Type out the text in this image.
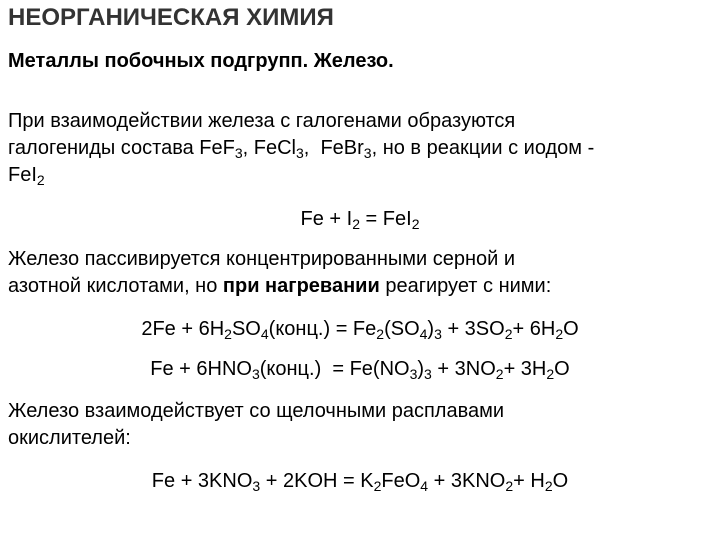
НЕОРГАНИЧЕСКАЯ ХИМИЯ
Металлы побочных подгрупп. Железо.
При взаимодействии железа с галогенами образуются
галогениды состава FeF$_3$, FeCl$_3$,  FeBr$_3$, но в реакции с иодом -
FeI$_2$
$Fe + I_2 = FeI_2$
Железо пассивируется концентрированными серной и
азотной кислотами, но при нагревании реагирует с ними:
$2Fe + 6H_2SO_4(конц.) = Fe_2(SO_4)_3 + 3SO_2+ 6H_2O$
$Fe + 6HNO_3(конц.) = Fe(NO_3)_3 + 3NO_2+ 3H_2O$
Железо взаимодействует со щелочными расплавами
окислителей:
$Fe + 3KNO_3 + 2KOH = K_2FeO_4 + 3KNO_2+ H_2O$
